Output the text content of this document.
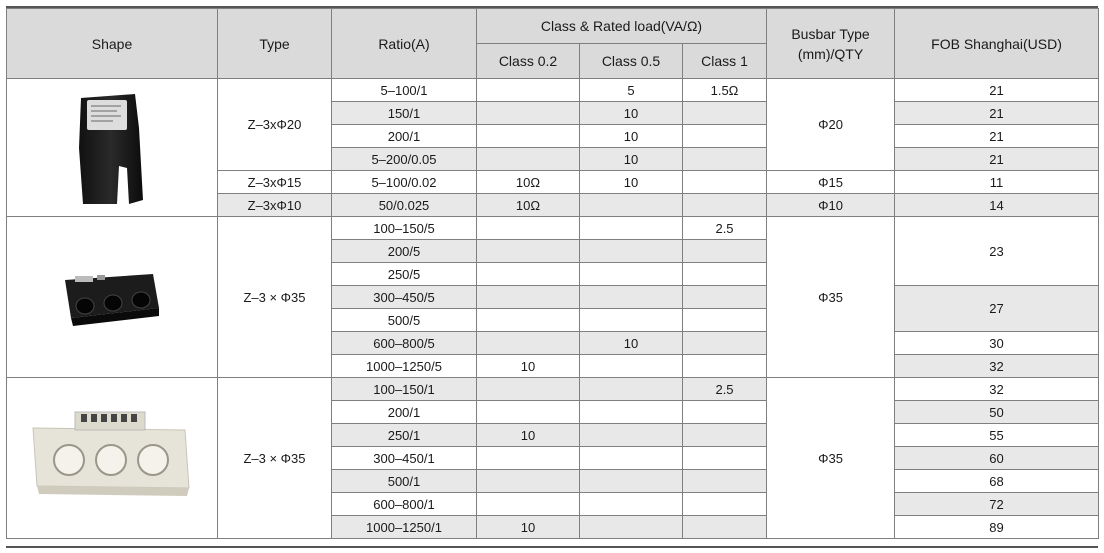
Shape	Type	Ratio(A)	Class & Rated load(VA/Ω)			Busbar Type
(mm)/QTY	FOB Shanghai(USD)
			Class 0.2	Class 0.5	Class 1		

	Z–3xΦ20	5–100/1		5	1.5Ω	Φ20	21
		150/1		10			21
		200/1		10			21
		5–200/0.05		10			21
	Z–3xΦ15	5–100/0.02	10Ω	10		Φ15	11
	Z–3xΦ10	50/0.025	10Ω			Φ10	14

	Z–3 × Φ35	100–150/5			2.5	Φ35	23
		200/5					
		250/5					
		300–450/5					27
		500/5					
		600–800/5		10			30
		1000–1250/5	10				32

	Z–3 × Φ35	100–150/1			2.5	Φ35	32
		200/1					50
		250/1	10				55
		300–450/1					60
		500/1					68
		600–800/1					72
		1000–1250/1	10				89
